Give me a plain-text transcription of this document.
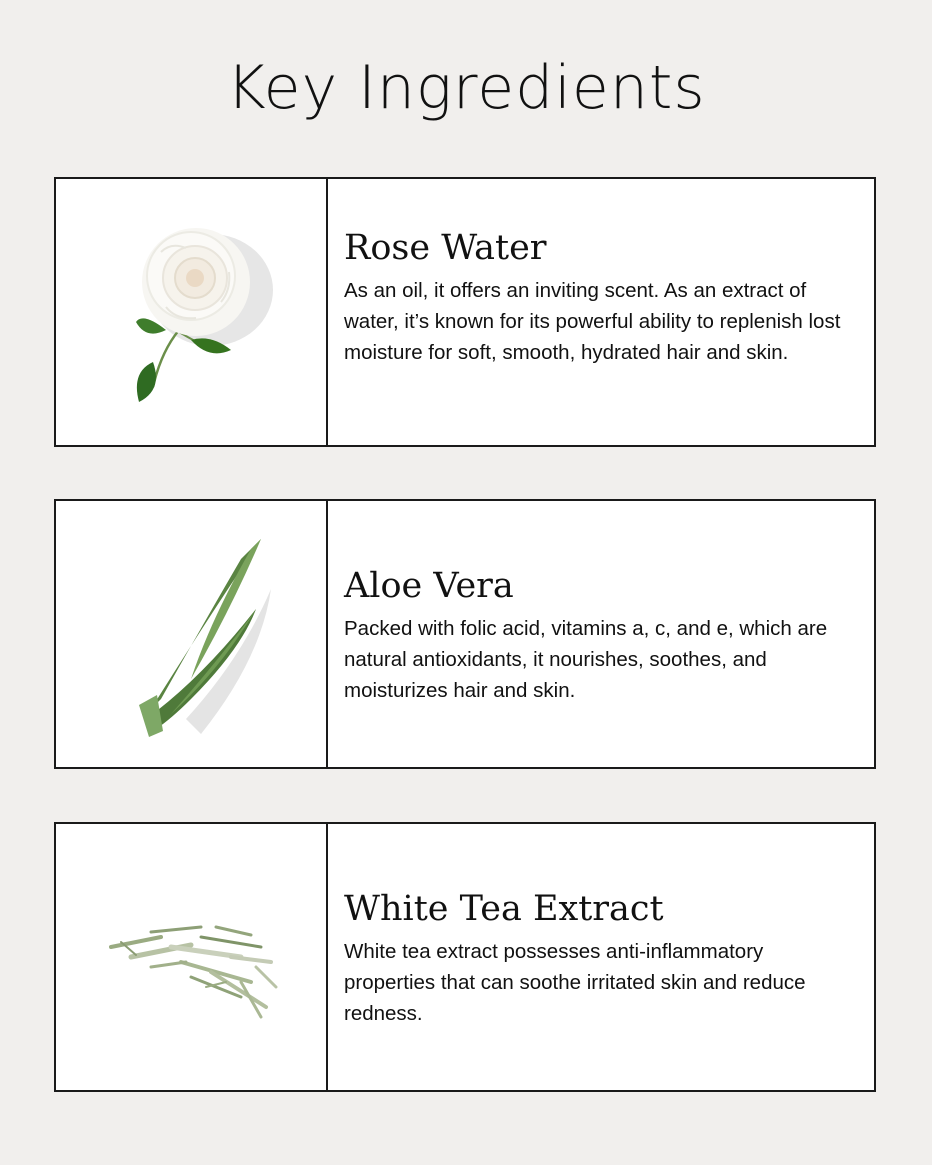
Key Ingredients
Rose Water

As an oil, it offers an inviting scent. As an extract of water, it’s known for its powerful ability to replenish lost moisture for soft, smooth, hydrated hair and skin.

Aloe Vera

Packed with folic acid, vitamins a, c, and e, which are natural antioxidants, it nourishes, soothes, and moisturizes hair and skin.

White Tea Extract

White tea extract possesses anti-inflammatory properties that can soothe irritated skin and reduce redness.
